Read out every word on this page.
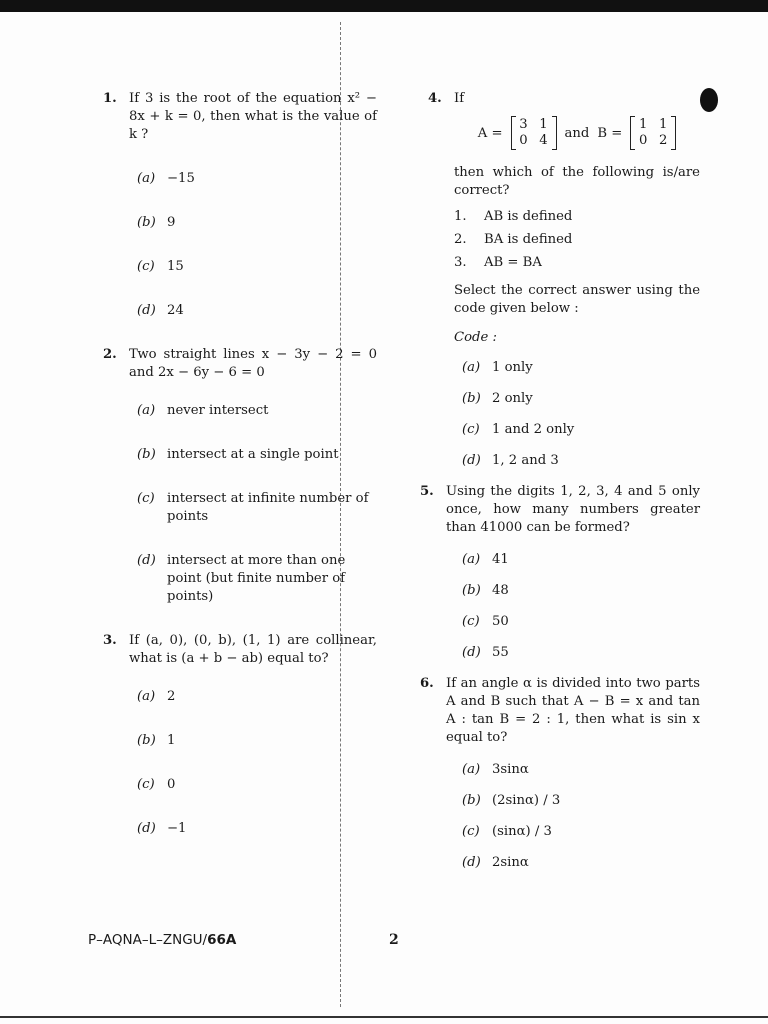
1. If 3 is the root of the equation x² − 8x + k = 0, then what is the value of k ?
(a) −15
(b) 9
(c) 15
(d) 24
2. Two straight lines x − 3y − 2 = 0 and 2x − 6y − 6 = 0
(a) never intersect
(b) intersect at a single point
(c) intersect at infinite number of points
(d) intersect at more than one point (but finite number of points)
3. If (a, 0), (0, b), (1, 1) are collinear, what is (a + b − ab) equal to?
(a) 2
(b) 1
(c) 0
(d) −1
4. If
A =
3 1
0 4 and B =
1 1
0 2
then which of the following is/are correct?
1. AB is defined
2. BA is defined
3. AB = BA
Select the correct answer using the code given below :
Code :
(a) 1 only
(b) 2 only
(c) 1 and 2 only
(d) 1, 2 and 3
5. Using the digits 1, 2, 3, 4 and 5 only once, how many numbers greater than 41000 can be formed?
(a) 41
(b) 48
(c) 50
(d) 55
6. If an angle α is divided into two parts A and B such that A − B = x and tan A : tan B = 2 : 1, then what is sin x equal to?
(a) 3sinα
(b) (2sinα) / 3
(c) (sinα) / 3
(d) 2sinα
P–AQNA–L–ZNGU/66A	2
